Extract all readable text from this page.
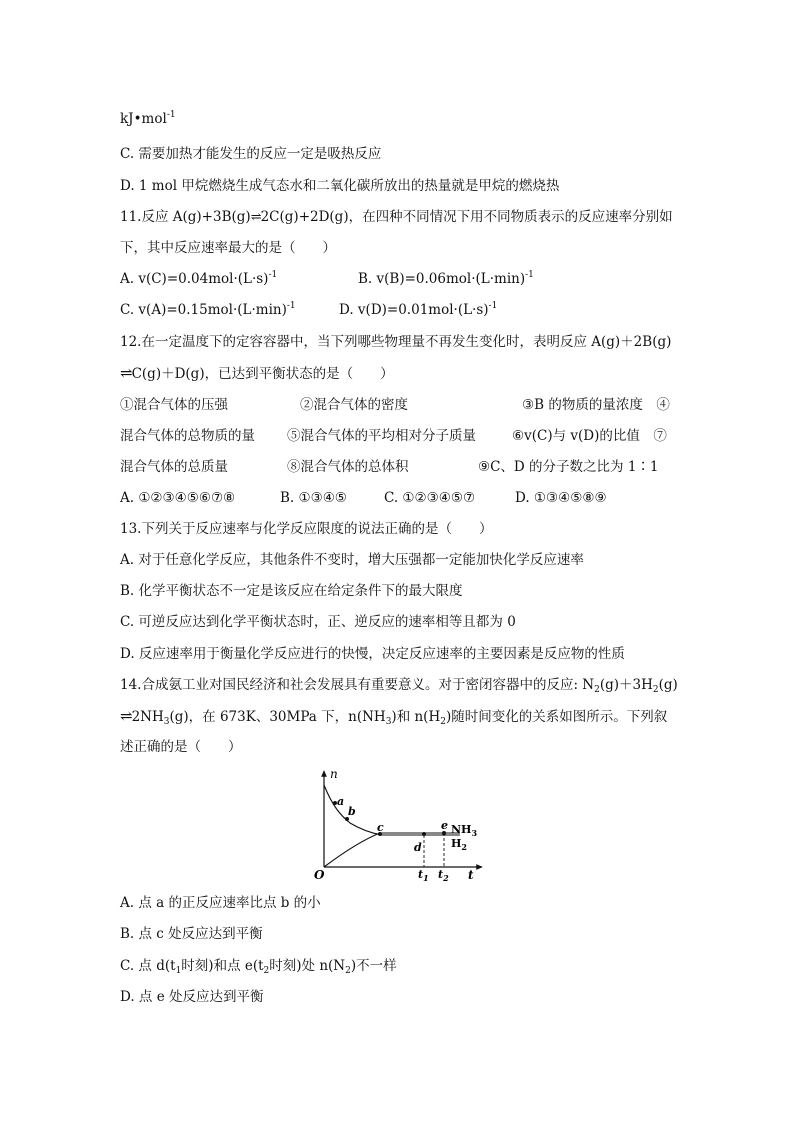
kJ•mol$^{-1}$
C. 需要加热才能发生的反应一定是吸热反应
D. 1 mol 甲烷燃烧生成气态水和二氧化碳所放出的热量就是甲烷的燃烧热
11.反应 A(g)+3B(g)⇌2C(g)+2D(g)，在四种不同情况下用不同物质表示的反应速率分别如
下，其中反应速率最大的是（　　）
A. $v(C)=0.04mol\cdot(L\cdot s)^{-1}$	B. $v(B)=0.06mol\cdot(L\cdot\min)^{-1}$
C. $v(A)=0.15mol\cdot(L\cdot\min)^{-1}$	D. $v(D)=0.01mol\cdot(L\cdot s)^{-1}$
12.在一定温度下的定容容器中，当下列哪些物理量不再发生变化时，表明反应 A(g)＋2B(g)
⇌C(g)＋D(g)，已达到平衡状态的是（　　）
①混合气体的压强	②混合气体的密度	③B 的物质的量浓度　④
混合气体的总物质的量 ⑤混合气体的平均相对分子质量	⑥v(C)与 v(D)的比值　⑦
混合气体的总质量	⑧混合气体的总体积	⑨C、D 的分子数之比为 1∶1
A. ①②③④⑤⑥⑦⑧	B. ①③④⑤	C. ①②③④⑤⑦	D. ①③④⑤⑧⑨
13.下列关于反应速率与化学反应限度的说法正确的是（　　）
A. 对于任意化学反应，其他条件不变时，增大压强都一定能加快化学反应速率
B. 化学平衡状态不一定是该反应在给定条件下的最大限度
C. 可逆反应达到化学平衡状态时，正、逆反应的速率相等且都为 0
D. 反应速率用于衡量化学反应进行的快慢，决定反应速率的主要因素是反应物的性质
14.合成氨工业对国民经济和社会发展具有重要意义。对于密闭容器中的反应: $N_2(g)+3H_2(g)$
$\rightleftharpoons 2NH_3(g)$，在 673K、30MPa 下，$n(NH_3)$和 $n(H_2)$随时间变化的关系如图所示。下列叙
述正确的是（　　）
n
t
O
a
b
c
d
e $NH_3$
$H_2$
$t_1$ $t_2$
A. 点 a 的正反应速率比点 b 的小
B. 点 c 处反应达到平衡
C. 点 $d(t_1$时刻)和点 $e(t_2$时刻)处 $n(N_2)$不一样
D. 点 e 处反应达到平衡
